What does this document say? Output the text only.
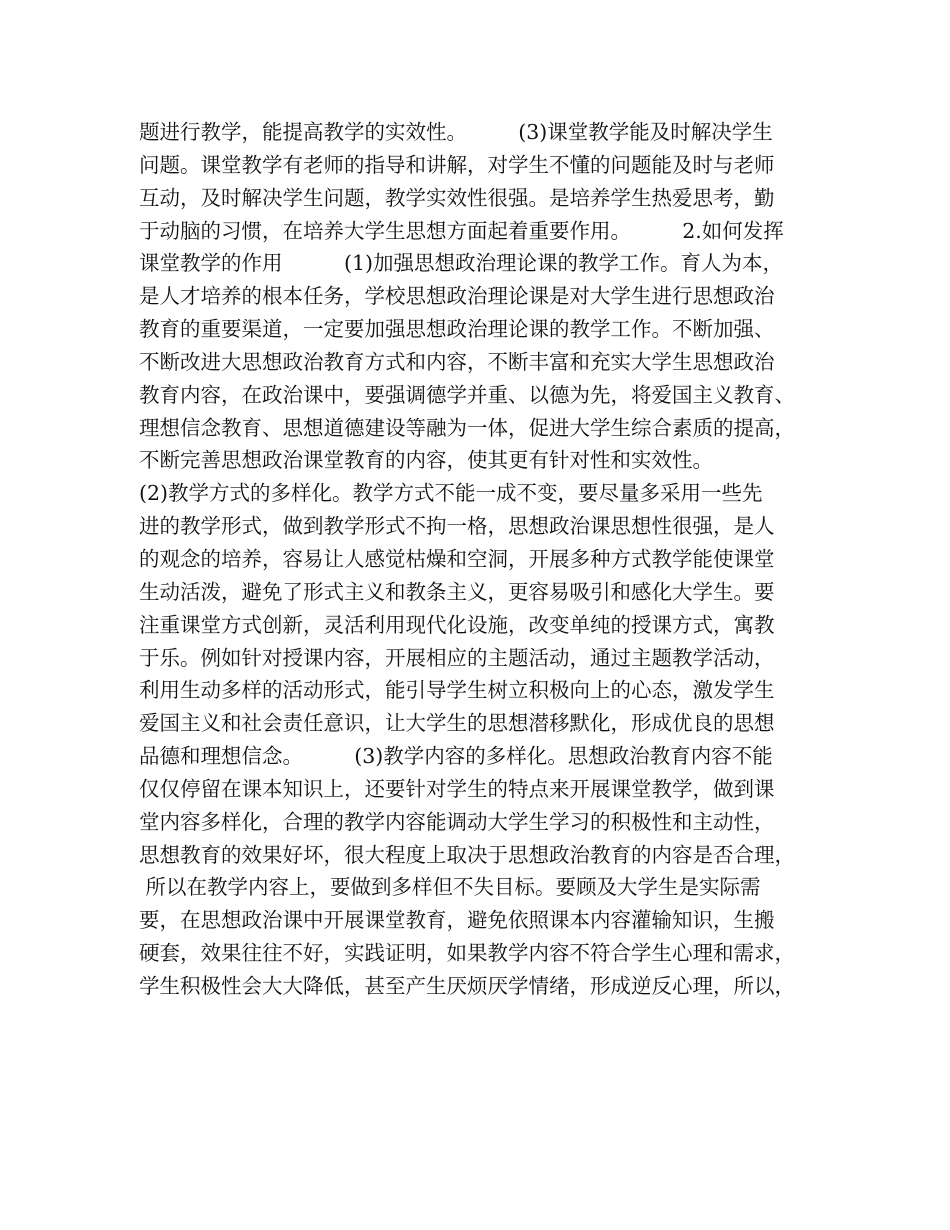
题进行教学，能提高教学的实效性。　　　(3)课堂教学能及时解决学生
问题。课堂教学有老师的指导和讲解，对学生不懂的问题能及时与老师
互动，及时解决学生问题，教学实效性很强。是培养学生热爱思考，勤
于动脑的习惯，在培养大学生思想方面起着重要作用。　　　2.如何发挥
课堂教学的作用　　　(1)加强思想政治理论课的教学工作。育人为本，
是人才培养的根本任务，学校思想政治理论课是对大学生进行思想政治
教育的重要渠道，一定要加强思想政治理论课的教学工作。不断加强、
不断改进大思想政治教育方式和内容，不断丰富和充实大学生思想政治
教育内容，在政治课中，要强调德学并重、以德为先，将爱国主义教育、
理想信念教育、思想道德建设等融为一体，促进大学生综合素质的提高，
不断完善思想政治课堂教育的内容，使其更有针对性和实效性。
(2)教学方式的多样化。教学方式不能一成不变，要尽量多采用一些先
进的教学形式，做到教学形式不拘一格，思想政治课思想性很强，是人
的观念的培养，容易让人感觉枯燥和空洞，开展多种方式教学能使课堂
生动活泼，避免了形式主义和教条主义，更容易吸引和感化大学生。要
注重课堂方式创新，灵活利用现代化设施，改变单纯的授课方式，寓教
于乐。例如针对授课内容，开展相应的主题活动，通过主题教学活动，
利用生动多样的活动形式，能引导学生树立积极向上的心态，激发学生
爱国主义和社会责任意识，让大学生的思想潜移默化，形成优良的思想
品德和理想信念。　　　(3)教学内容的多样化。思想政治教育内容不能
仅仅停留在课本知识上，还要针对学生的特点来开展课堂教学，做到课
堂内容多样化，合理的教学内容能调动大学生学习的积极性和主动性，
思想教育的效果好坏，很大程度上取决于思想政治教育的内容是否合理，
所以在教学内容上，要做到多样但不失目标。要顾及大学生是实际需
要，在思想政治课中开展课堂教育，避免依照课本内容灌输知识，生搬
硬套，效果往往不好，实践证明，如果教学内容不符合学生心理和需求，
学生积极性会大大降低，甚至产生厌烦厌学情绪，形成逆反心理，所以，
